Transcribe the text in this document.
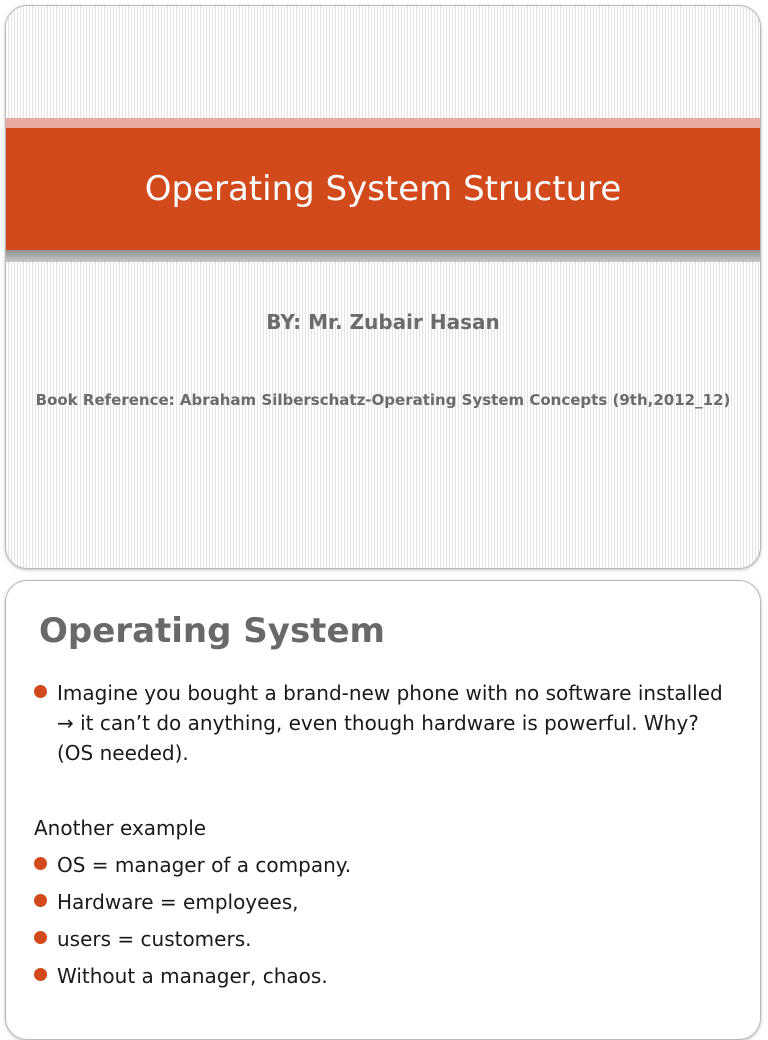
Operating System Structure
BY: Mr. Zubair Hasan
Book Reference: Abraham Silberschatz-Operating System Concepts (9th,2012_12)
Operating System
Imagine you bought a brand-new phone with no software installed → it can’t do anything, even though hardware is powerful. Why? (OS needed).
Another example
OS = manager of a company.
Hardware = employees,
users = customers.
Without a manager, chaos.
